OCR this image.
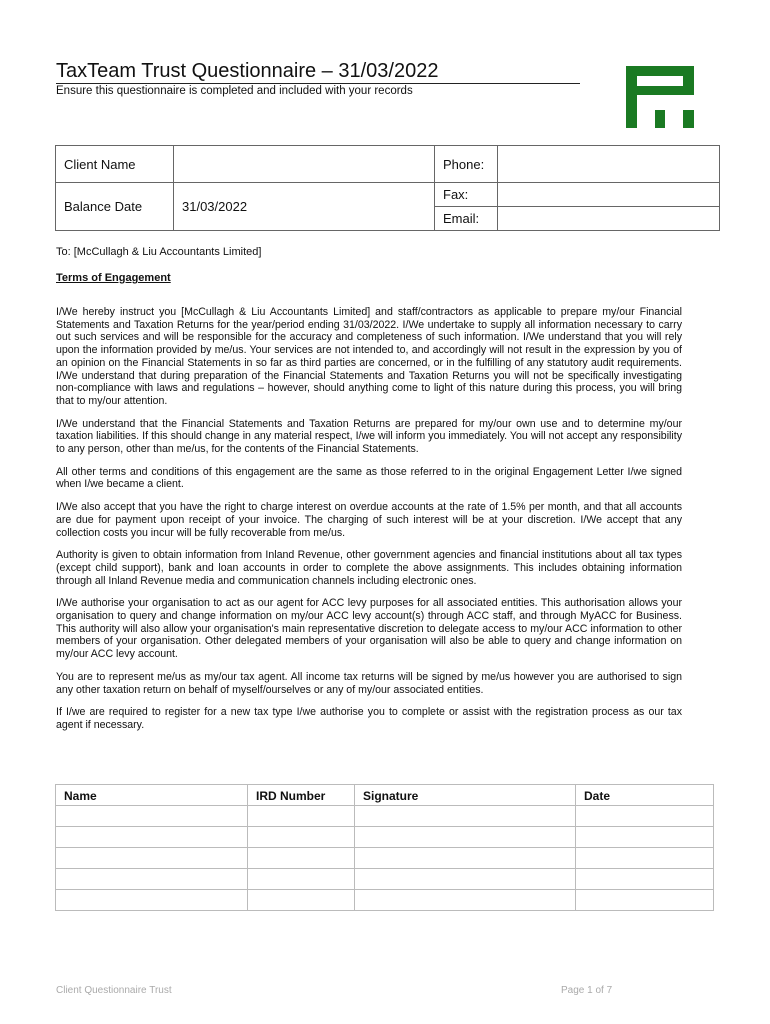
TaxTeam Trust Questionnaire – 31/03/2022
Ensure this questionnaire is completed and included with your records
Client Name		Phone:	
Balance Date	31/03/2022	Fax:	
		Email:	
To: [McCullagh & Liu Accountants Limited]
Terms of Engagement

I/We hereby instruct you [McCullagh & Liu Accountants Limited] and staff/contractors as applicable to prepare my/our Financial Statements and Taxation Returns for the year/period ending 31/03/2022. I/We undertake to supply all information necessary to carry out such services and will be responsible for the accuracy and completeness of such information. I/We understand that you will rely upon the information provided by me/us. Your services are not intended to, and accordingly will not result in the expression by you of an opinion on the Financial Statements in so far as third parties are concerned, or in the fulfilling of any statutory audit requirements. I/We understand that during preparation of the Financial Statements and Taxation Returns you will not be specifically investigating non-compliance with laws and regulations – however, should anything come to light of this nature during this process, you will bring that to my/our attention.

I/We understand that the Financial Statements and Taxation Returns are prepared for my/our own use and to determine my/our taxation liabilities. If this should change in any material respect, I/we will inform you immediately. You will not accept any responsibility to any person, other than me/us, for the contents of the Financial Statements.

All other terms and conditions of this engagement are the same as those referred to in the original Engagement Letter I/we signed when I/we became a client.

I/We also accept that you have the right to charge interest on overdue accounts at the rate of 1.5% per month, and that all accounts are due for payment upon receipt of your invoice. The charging of such interest will be at your discretion. I/We accept that any collection costs you incur will be fully recoverable from me/us.

Authority is given to obtain information from Inland Revenue, other government agencies and financial institutions about all tax types (except child support), bank and loan accounts in order to complete the above assignments. This includes obtaining information through all Inland Revenue media and communication channels including electronic ones.

I/We authorise your organisation to act as our agent for ACC levy purposes for all associated entities. This authorisation allows your organisation to query and change information on my/our ACC levy account(s) through ACC staff, and through MyACC for Business. This authority will also allow your organisation's main representative discretion to delegate access to my/our ACC information to other members of your organisation. Other delegated members of your organisation will also be able to query and change information on my/our ACC levy account.

You are to represent me/us as my/our tax agent. All income tax returns will be signed by me/us however you are authorised to sign any other taxation return on behalf of myself/ourselves or any of my/our associated entities.

If I/we are required to register for a new tax type I/we authorise you to complete or assist with the registration process as our tax agent if necessary.

Name	IRD Number	Signature	Date

Client Questionnaire Trust	Page 1 of 7
